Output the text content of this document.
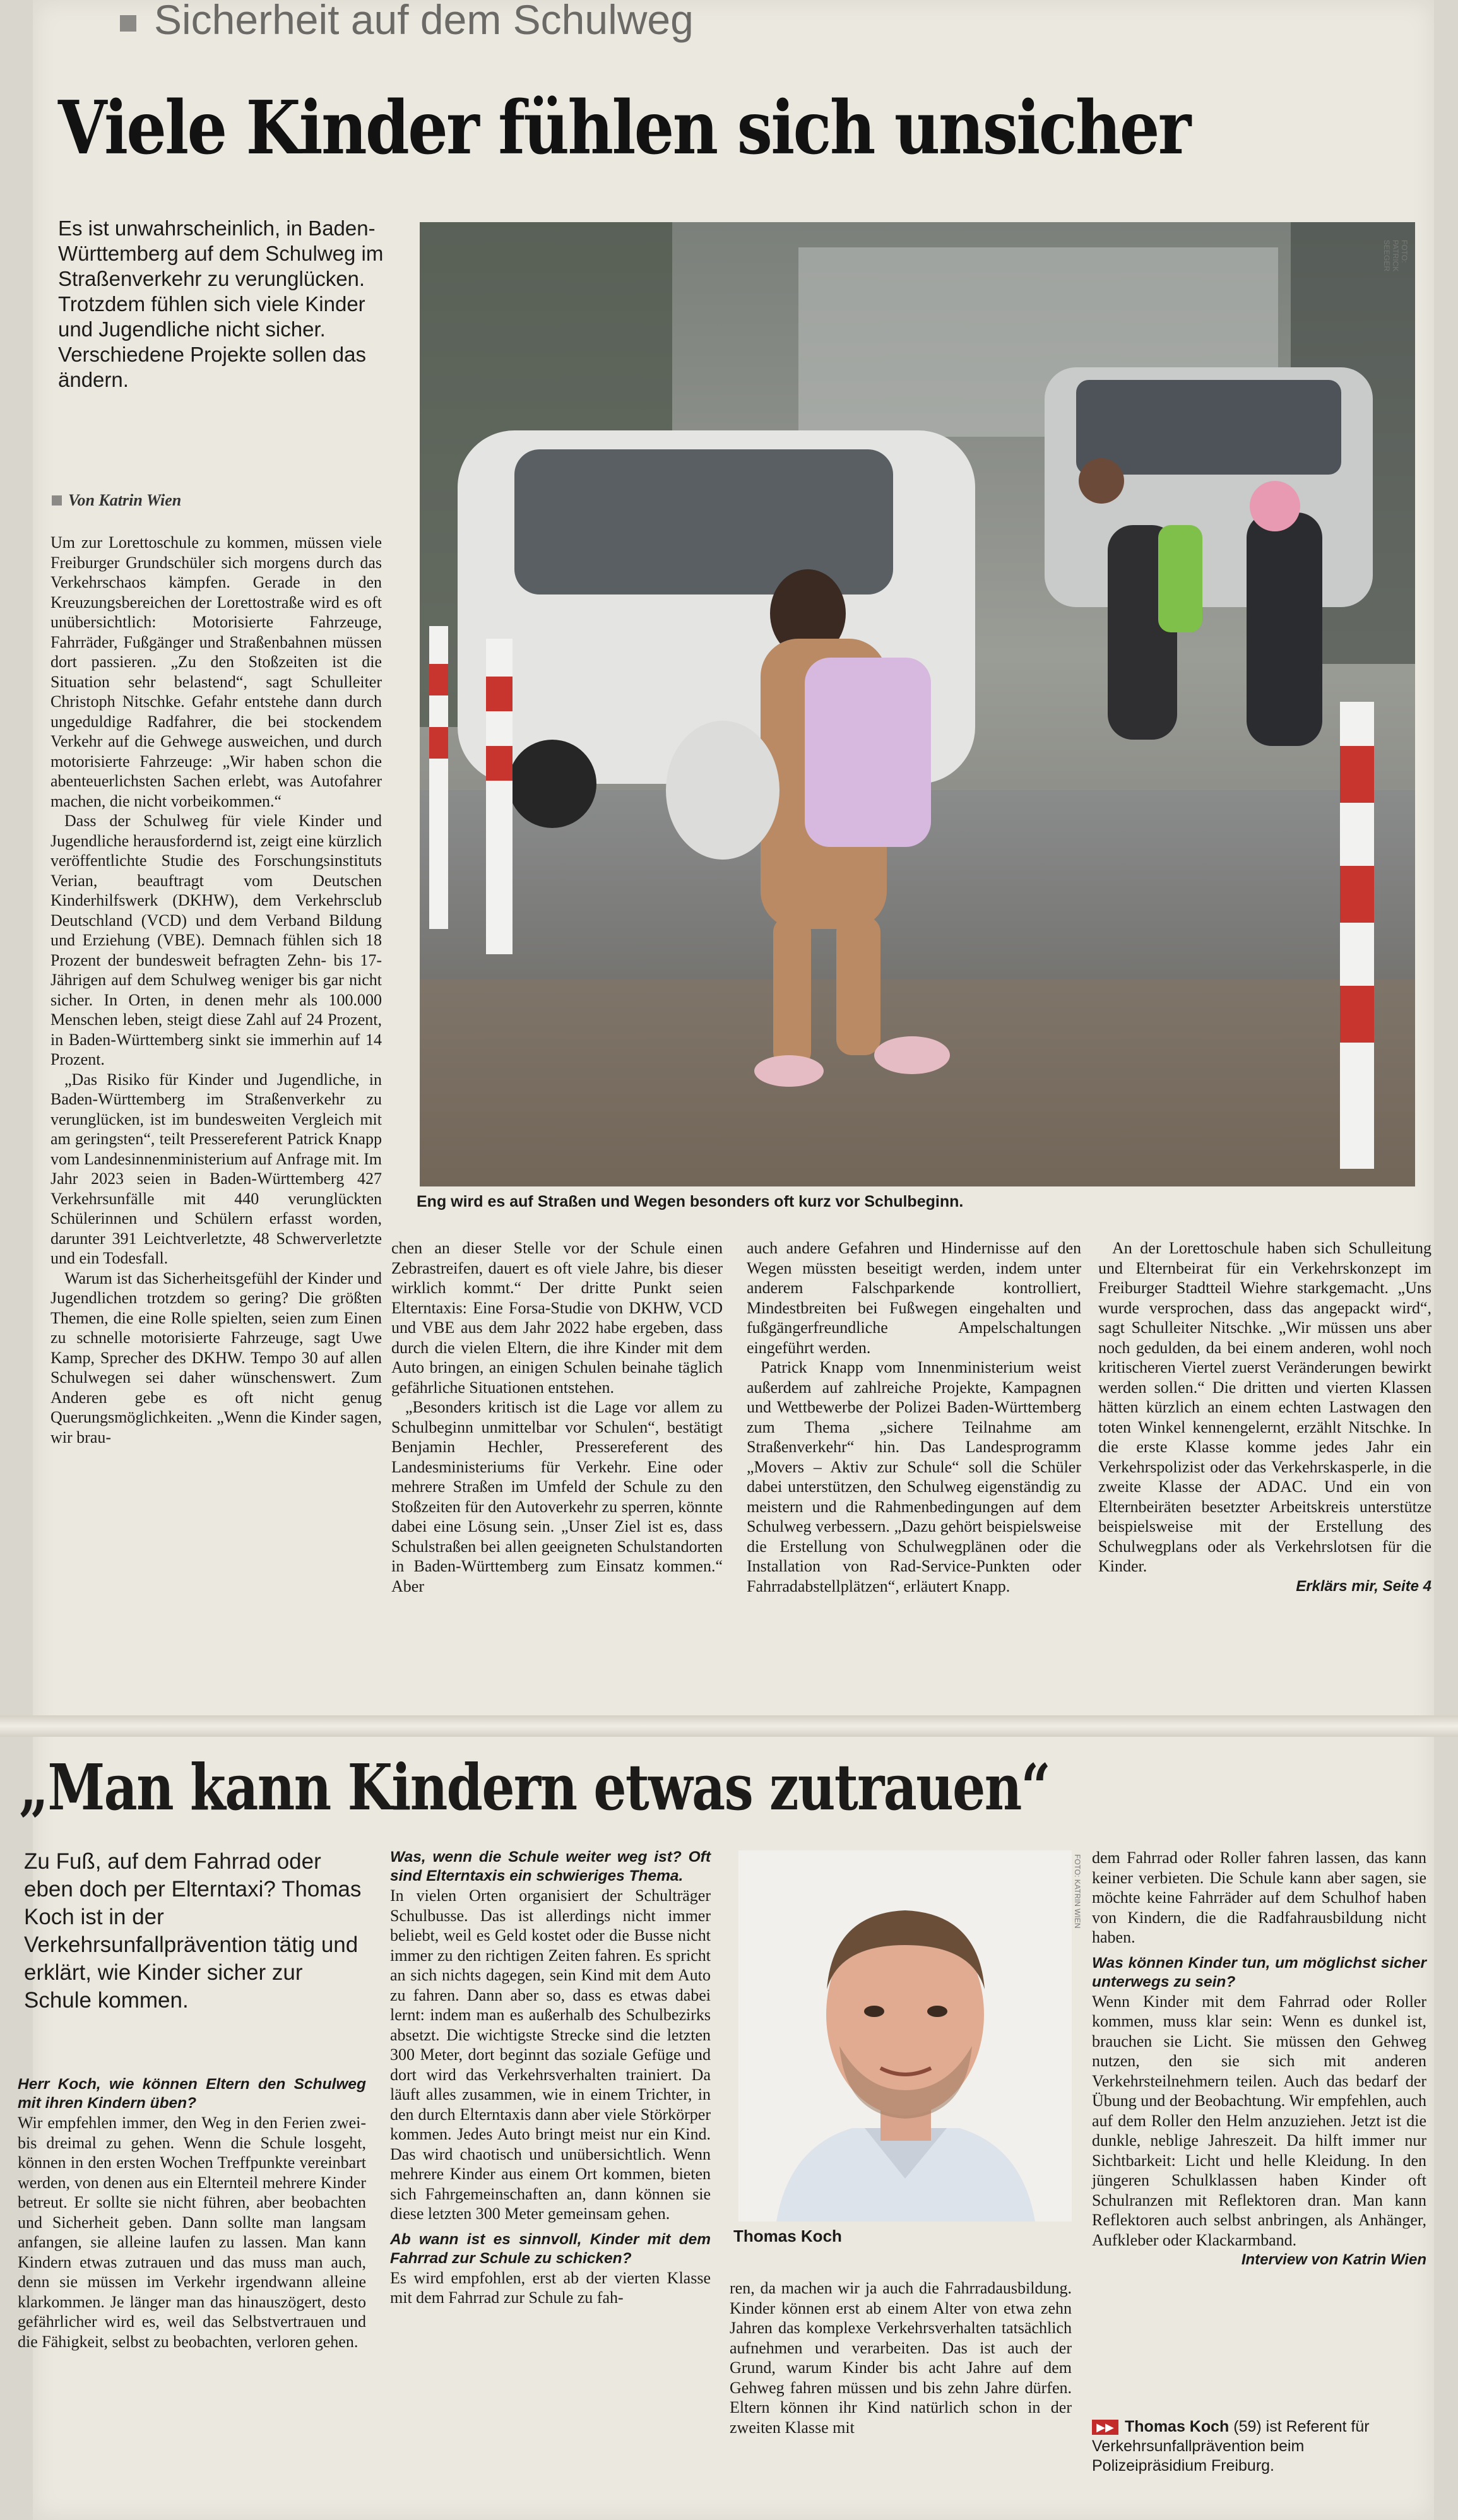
Sicherheit auf dem Schulweg
Viele Kinder fühlen sich unsicher
Es ist unwahrscheinlich, in Baden-Württemberg auf dem Schulweg im Straßenverkehr zu verunglücken. Trotzdem fühlen sich viele Kinder und Jugendliche nicht sicher. Verschiedene Projekte sollen das ändern.
Von Katrin Wien
FOTO: PATRICK SEEGER
Eng wird es auf Straßen und Wegen besonders oft kurz vor Schulbeginn.

Um zur Lorettoschule zu kommen, müssen viele Freiburger Grundschüler sich morgens durch das Verkehrschaos kämpfen. Gerade in den Kreuzungsbereichen der Lorettostraße wird es oft unübersichtlich: Motorisierte Fahrzeuge, Fahrräder, Fußgänger und Straßenbahnen müssen dort passieren. „Zu den Stoßzeiten ist die Situation sehr belastend“, sagt Schulleiter Christoph Nitschke. Gefahr entstehe dann durch ungeduldige Radfahrer, die bei stockendem Verkehr auf die Gehwege ausweichen, und durch motorisierte Fahrzeuge: „Wir haben schon die abenteuerlichsten Sachen erlebt, was Autofahrer machen, die nicht vorbeikommen.“

Dass der Schulweg für viele Kinder und Jugendliche herausfordernd ist, zeigt eine kürzlich veröffentlichte Studie des Forschungsinstituts Verian, beauftragt vom Deutschen Kinderhilfswerk (DKHW), dem Verkehrsclub Deutschland (VCD) und dem Verband Bildung und Erziehung (VBE). Demnach fühlen sich 18 Prozent der bundesweit befragten Zehn- bis 17-Jährigen auf dem Schulweg weniger bis gar nicht sicher. In Orten, in denen mehr als 100.000 Menschen leben, steigt diese Zahl auf 24 Prozent, in Baden-Württemberg sinkt sie immerhin auf 14 Prozent.

„Das Risiko für Kinder und Jugendliche, in Baden-Württemberg im Straßenverkehr zu verunglücken, ist im bundesweiten Vergleich mit am geringsten“, teilt Pressereferent Patrick Knapp vom Landesinnenministerium auf Anfrage mit. Im Jahr 2023 seien in Baden-Württemberg 427 Verkehrsunfälle mit 440 verunglückten Schülerinnen und Schülern erfasst worden, darunter 391 Leichtverletzte, 48 Schwerverletzte und ein Todesfall.

Warum ist das Sicherheitsgefühl der Kinder und Jugendlichen trotzdem so gering? Die größten Themen, die eine Rolle spielten, seien zum Einen zu schnelle motorisierte Fahrzeuge, sagt Uwe Kamp, Sprecher des DKHW. Tempo 30 auf allen Schulwegen sei daher wünschenswert. Zum Anderen gebe es oft nicht genug Querungsmöglichkeiten. „Wenn die Kinder sagen, wir brau-

chen an dieser Stelle vor der Schule einen Zebrastreifen, dauert es oft viele Jahre, bis dieser wirklich kommt.“ Der dritte Punkt seien Elterntaxis: Eine Forsa-Studie von DKHW, VCD und VBE aus dem Jahr 2022 habe ergeben, dass durch die vielen Eltern, die ihre Kinder mit dem Auto bringen, an einigen Schulen beinahe täglich gefährliche Situationen entstehen.

„Besonders kritisch ist die Lage vor allem zu Schulbeginn unmittelbar vor Schulen“, bestätigt Benjamin Hechler, Pressereferent des Landesministeriums für Verkehr. Eine oder mehrere Straßen im Umfeld der Schule zu den Stoßzeiten für den Autoverkehr zu sperren, könnte dabei eine Lösung sein. „Unser Ziel ist es, dass Schulstraßen bei allen geeigneten Schulstandorten in Baden-Württemberg zum Einsatz kommen.“ Aber

auch andere Gefahren und Hindernisse auf den Wegen müssten beseitigt werden, indem unter anderem Falschparkende kontrolliert, Mindestbreiten bei Fußwegen eingehalten und fußgängerfreundliche Ampelschaltungen eingeführt werden.

Patrick Knapp vom Innenministerium weist außerdem auf zahlreiche Projekte, Kampagnen und Wettbewerbe der Polizei Baden-Württemberg zum Thema „sichere Teilnahme am Straßenverkehr“ hin. Das Landesprogramm „Movers – Aktiv zur Schule“ soll die Schüler dabei unterstützen, den Schulweg eigenständig zu meistern und die Rahmenbedingungen auf dem Schulweg verbessern. „Dazu gehört beispielsweise die Erstellung von Schulwegplänen oder die Installation von Rad-Service-Punkten oder Fahrradabstellplätzen“, erläutert Knapp.

An der Lorettoschule haben sich Schulleitung und Elternbeirat für ein Verkehrskonzept im Freiburger Stadtteil Wiehre starkgemacht. „Uns wurde versprochen, dass das angepackt wird“, sagt Schulleiter Nitschke. „Wir müssen uns aber noch gedulden, da bei einem anderen, wohl noch kritischeren Viertel zuerst Veränderungen bewirkt werden sollen.“ Die dritten und vierten Klassen hätten kürzlich an einem echten Lastwagen den toten Winkel kennengelernt, erzählt Nitschke. In die erste Klasse komme jedes Jahr ein Verkehrspolizist oder das Verkehrskasperle, in die zweite Klasse der ADAC. Und ein von Elternbeiräten besetzter Arbeitskreis unterstütze beispielsweise mit der Erstellung des Schulwegplans oder als Verkehrslotsen für die Kinder.

Erklärs mir, Seite 4
„Man kann Kindern etwas zutrauen“
Zu Fuß, auf dem Fahrrad oder eben doch per Elterntaxi? Thomas Koch ist in der Verkehrsunfallprävention tätig und erklärt, wie Kinder sicher zur Schule kommen.

Herr Koch, wie können Eltern den Schulweg mit ihren Kindern üben?

Wir empfehlen immer, den Weg in den Ferien zwei- bis dreimal zu gehen. Wenn die Schule losgeht, können in den ersten Wochen Treffpunkte vereinbart werden, von denen aus ein Elternteil mehrere Kinder betreut. Er sollte sie nicht führen, aber beobachten und Sicherheit geben. Dann sollte man langsam anfangen, sie alleine laufen zu lassen. Man kann Kindern etwas zutrauen und das muss man auch, denn sie müssen im Verkehr irgendwann alleine klarkommen. Je länger man das hinauszögert, desto gefährlicher wird es, weil das Selbstvertrauen und die Fähigkeit, selbst zu beobachten, verloren gehen.

Was, wenn die Schule weiter weg ist? Oft sind Elterntaxis ein schwieriges Thema.

In vielen Orten organisiert der Schulträger Schulbusse. Das ist allerdings nicht immer beliebt, weil es Geld kostet oder die Busse nicht immer zu den richtigen Zeiten fahren. Es spricht an sich nichts dagegen, sein Kind mit dem Auto zu fahren. Dann aber so, dass es etwas dabei lernt: indem man es außerhalb des Schulbezirks absetzt. Die wichtigste Strecke sind die letzten 300 Meter, dort beginnt das soziale Gefüge und dort wird das Verkehrsverhalten trainiert. Da läuft alles zusammen, wie in einem Trichter, in den durch Elterntaxis dann aber viele Störkörper kommen. Jedes Auto bringt meist nur ein Kind. Das wird chaotisch und unübersichtlich. Wenn mehrere Kinder aus einem Ort kommen, bieten sich Fahrgemeinschaften an, dann können sie diese letzten 300 Meter gemeinsam gehen.

Ab wann ist es sinnvoll, Kinder mit dem Fahrrad zur Schule zu schicken?

Es wird empfohlen, erst ab der vierten Klasse mit dem Fahrrad zur Schule zu fah-

FOTO: KATRIN WIEN
Thomas Koch

ren, da machen wir ja auch die Fahrradausbildung. Kinder können erst ab einem Alter von etwa zehn Jahren das komplexe Verkehrsverhalten tatsächlich aufnehmen und verarbeiten. Das ist auch der Grund, warum Kinder bis acht Jahre auf dem Gehweg fahren müssen und bis zehn Jahre dürfen. Eltern können ihr Kind natürlich schon in der zweiten Klasse mit

dem Fahrrad oder Roller fahren lassen, das kann keiner verbieten. Die Schule kann aber sagen, sie möchte keine Fahrräder auf dem Schulhof haben von Kindern, die die Radfahrausbildung nicht haben.

Was können Kinder tun, um möglichst sicher unterwegs zu sein?

Wenn Kinder mit dem Fahrrad oder Roller kommen, muss klar sein: Wenn es dunkel ist, brauchen sie Licht. Sie müssen den Gehweg nutzen, den sie sich mit anderen Verkehrsteilnehmern teilen. Auch das bedarf der Übung und der Beobachtung. Wir empfehlen, auch auf dem Roller den Helm anzuziehen. Jetzt ist die dunkle, neblige Jahreszeit. Da hilft immer nur Sichtbarkeit: Licht und helle Kleidung. In den jüngeren Schulklassen haben Kinder oft Schulranzen mit Reflektoren dran. Man kann Reflektoren auch selbst anbringen, als Anhänger, Aufkleber oder Klackarmband.

Interview von Katrin Wien
▶▶ Thomas Koch (59) ist Referent für Verkehrsunfallprävention beim Polizeipräsidium Freiburg.
